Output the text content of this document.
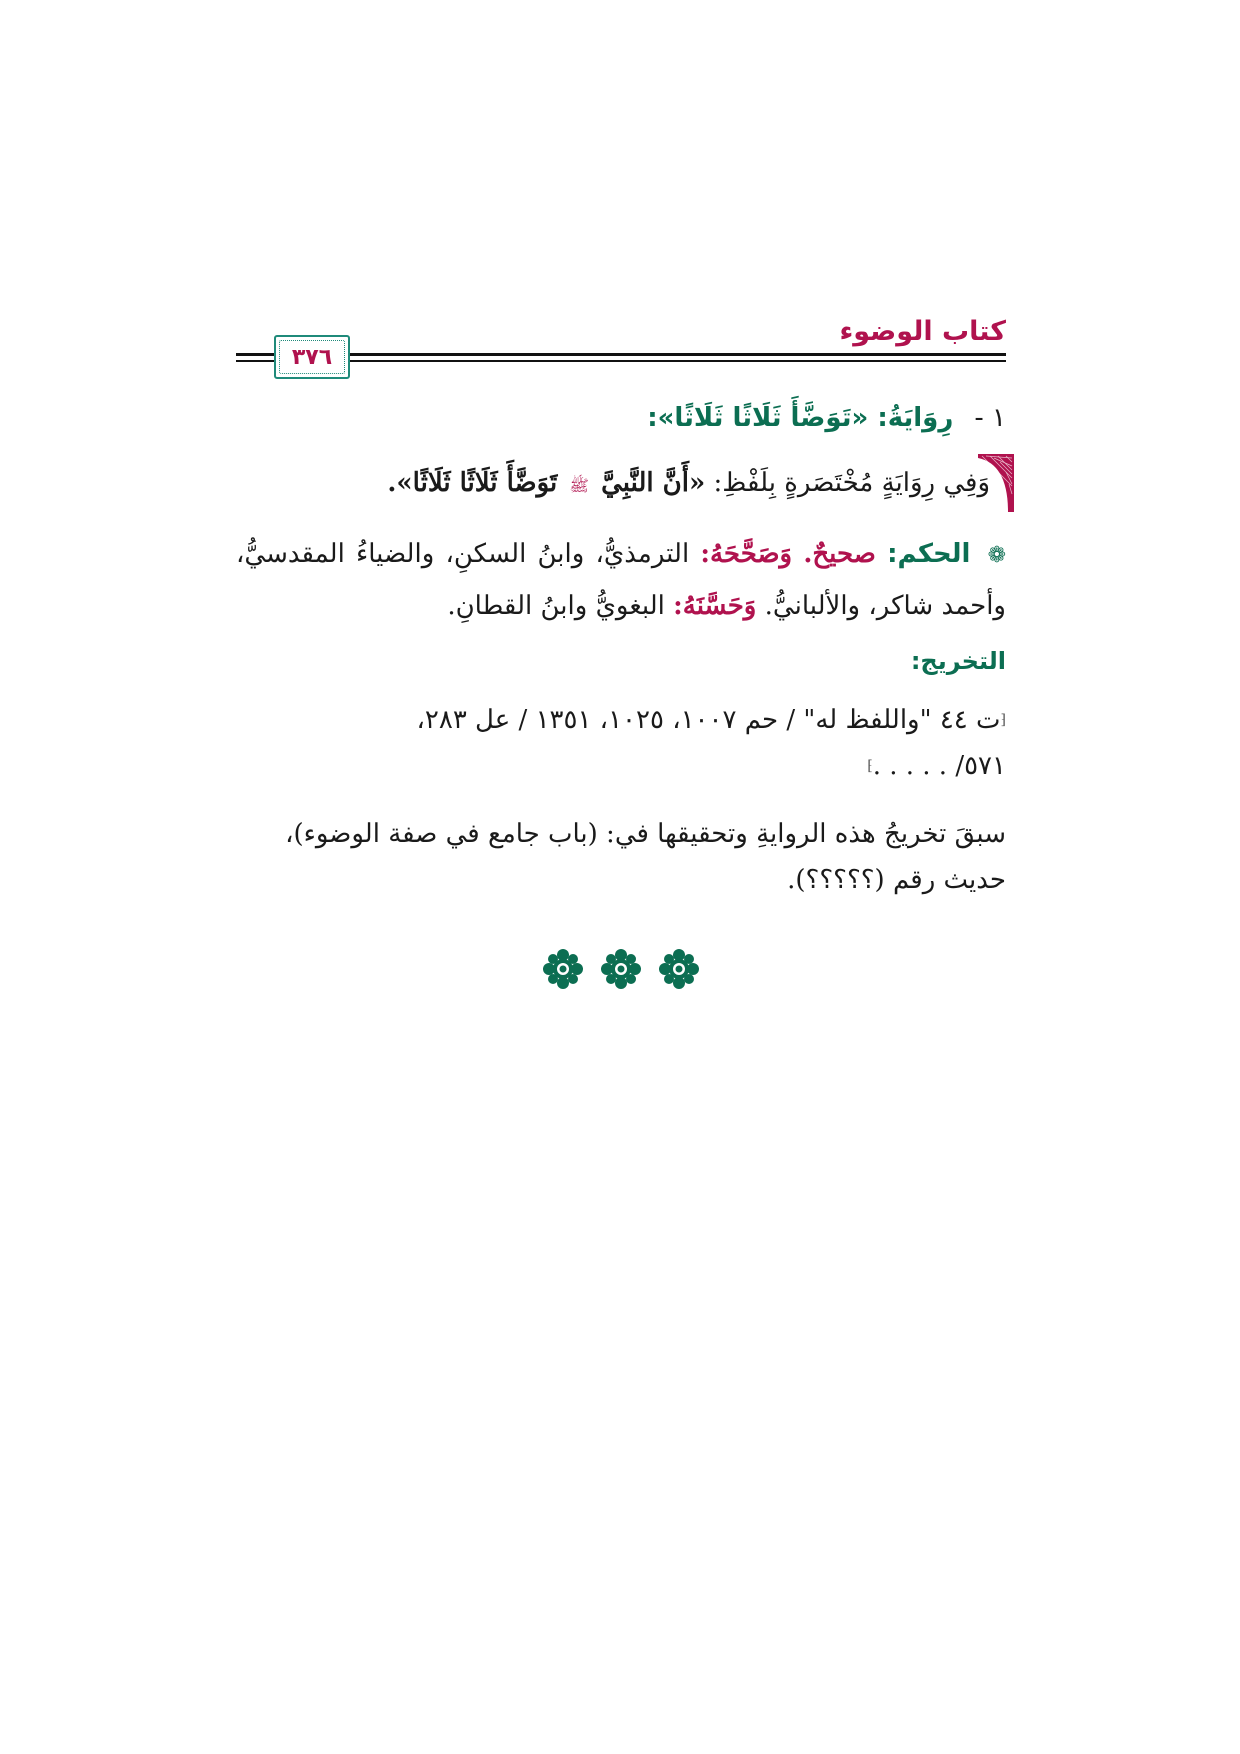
كتاب الوضوء
٣٧٦
١ - رِوَايَةُ: «تَوَضَّأَ ثَلَاثًا ثَلَاثًا»:
وَفِي رِوَايَةٍ مُخْتَصَرةٍ بِلَفْظِ: «أَنَّ النَّبِيَّ ﷺ تَوَضَّأَ ثَلَاثًا ثَلَاثًا».
❁ الحكم: صحيحٌ. وَصَحَّحَهُ: الترمذيُّ، وابنُ السكنِ، والضياءُ المقدسيُّ، وأحمد شاكر، والألبانيُّ. وَحَسَّنَهُ: البغويُّ وابنُ القطانِ.
التخريج:
⁅ت ٤٤ "واللفظ له" / حم ١٠٠٧، ١٠٢٥، ١٣٥١ / عل ٢٨٣،
٥٧١/ . . . . .⁆
سبقَ تخريجُ هذه الروايةِ وتحقيقها في: (باب جامع في صفة الوضوء)، حديث رقم (؟؟؟؟؟).
